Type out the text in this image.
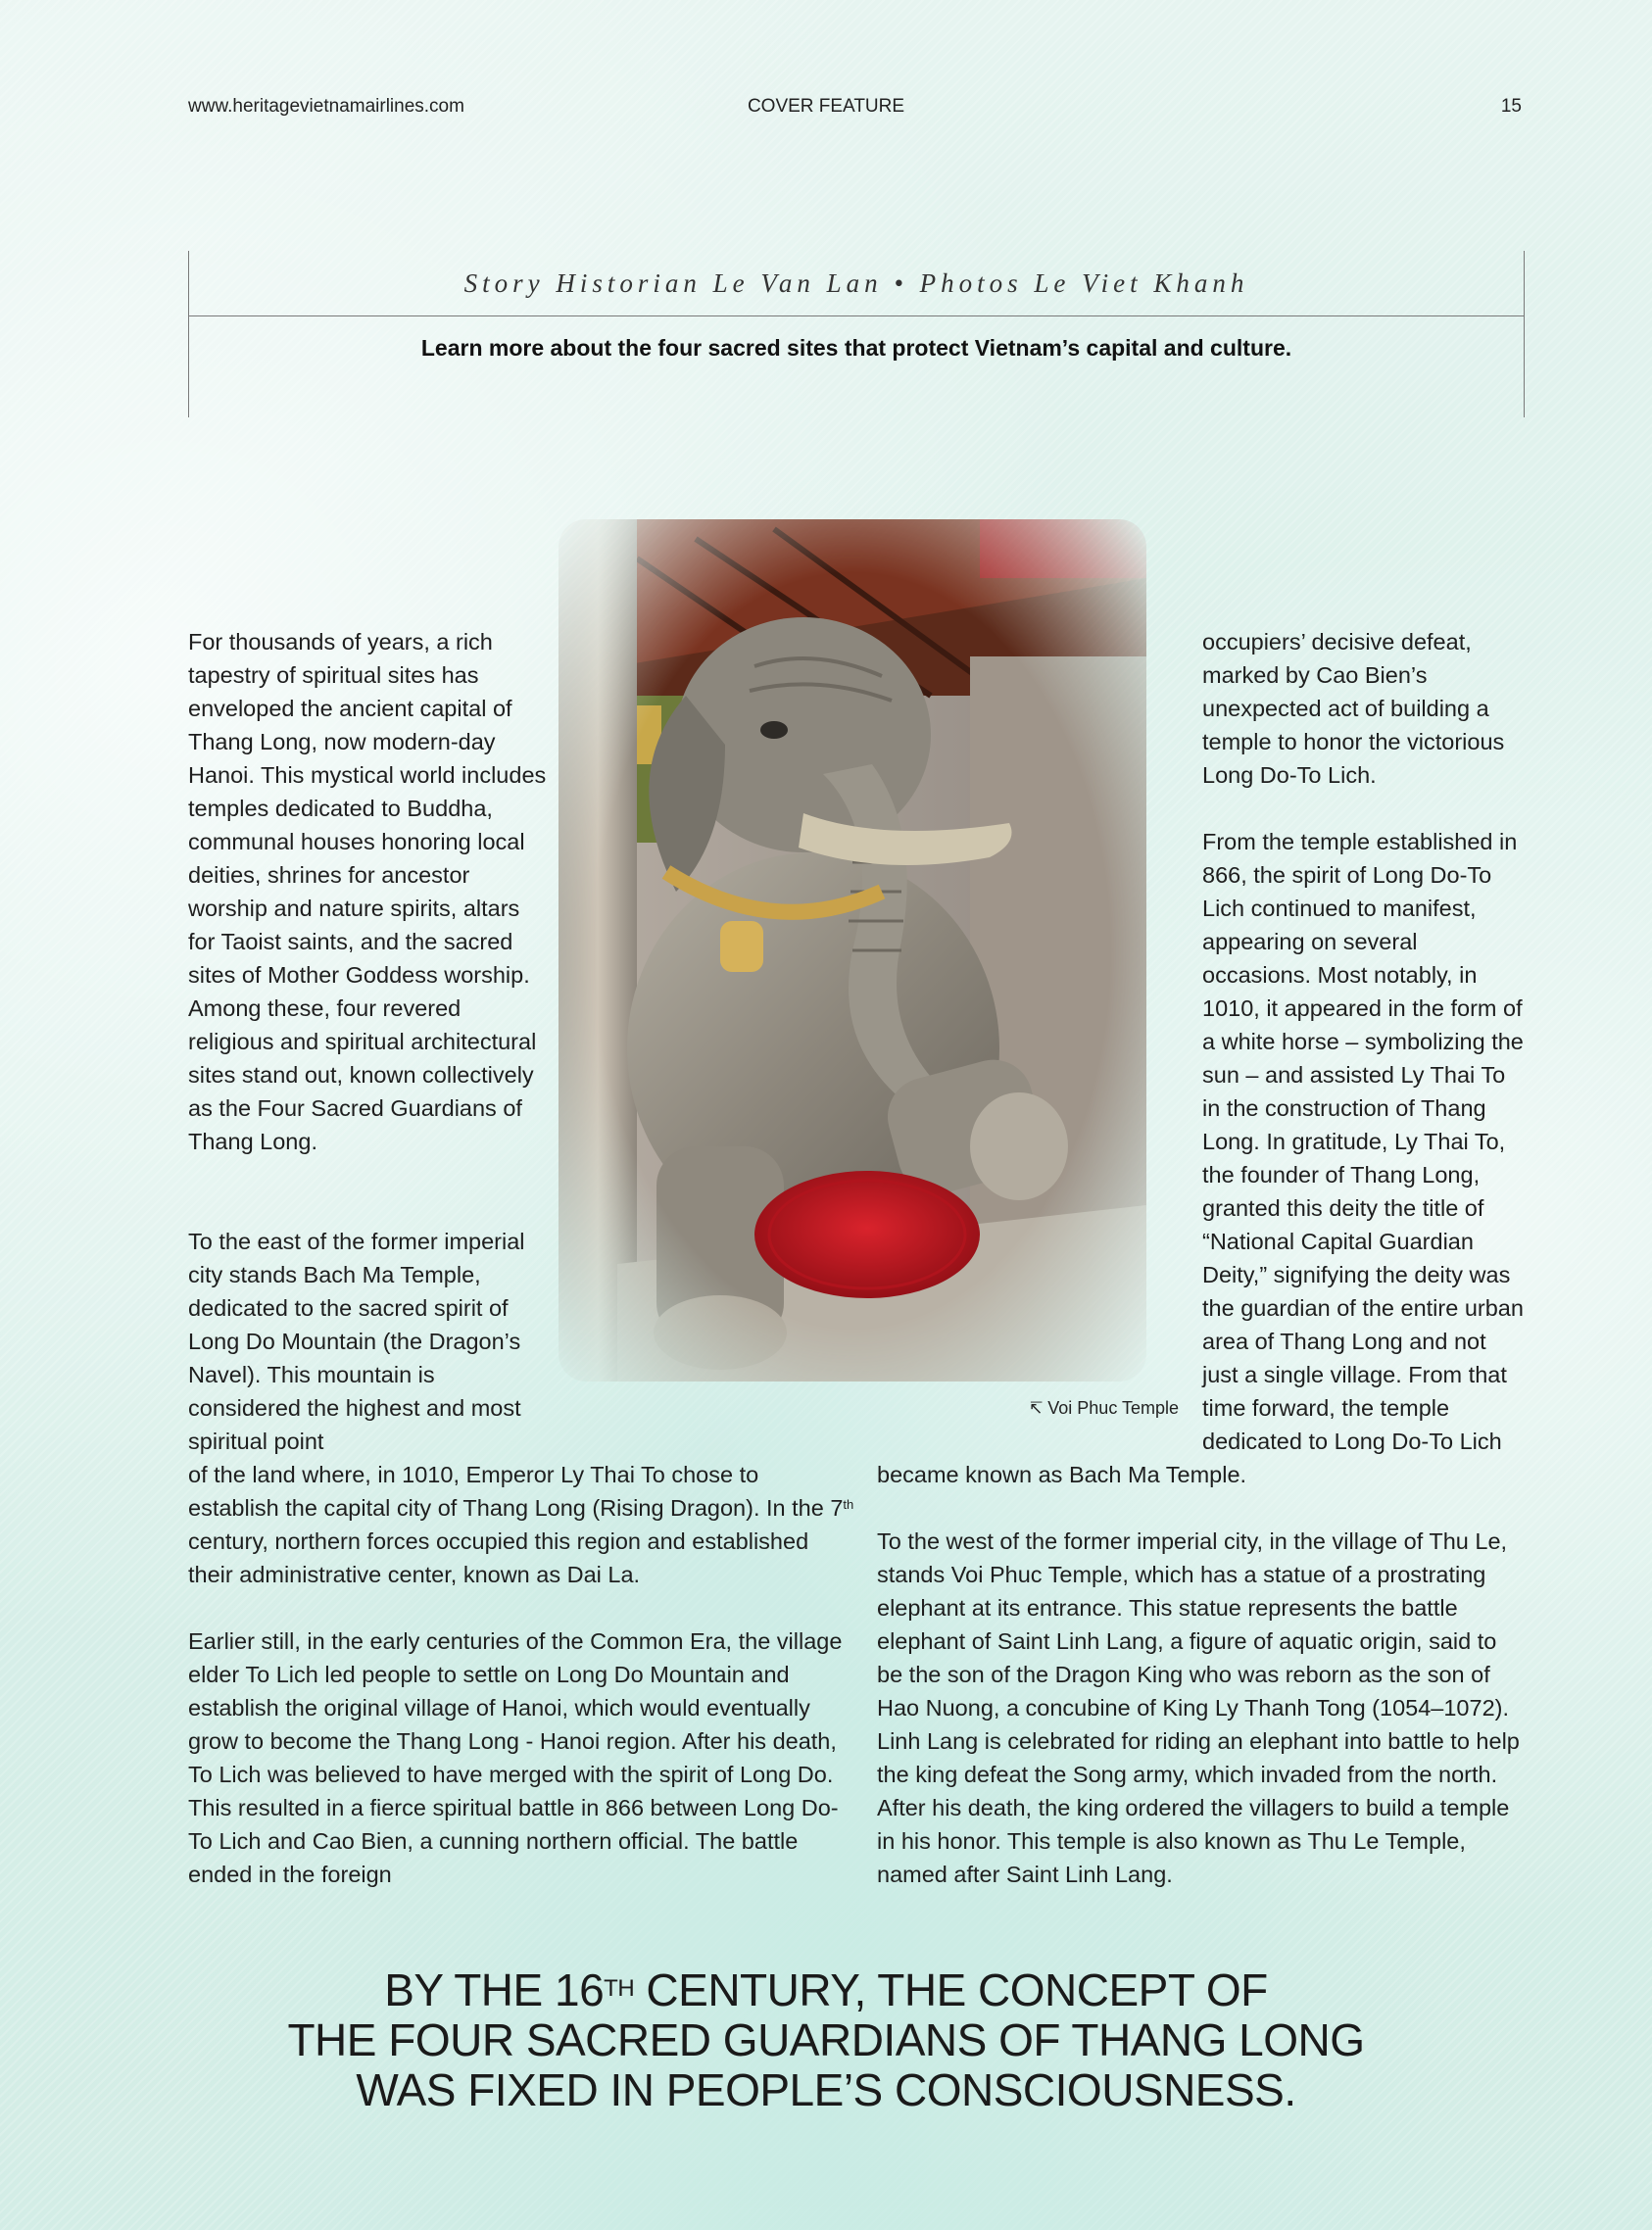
www.heritagevietnamairlines.com	COVER FEATURE	15
Story Historian Le Van Lan • Photos Le Viet Khanh
Learn more about the four sacred sites that protect Vietnam’s capital and culture.
↸ Voi Phuc Temple

For thousands of years, a rich tapestry of spiritual sites has enveloped the ancient capital of Thang Long, now modern-day Hanoi. This mystical world includes temples dedicated to Buddha, communal houses honoring local deities, shrines for ancestor worship and nature spirits, altars for Taoist saints, and the sacred sites of Mother Goddess worship. Among these, four revered religious and spiritual architectural sites stand out, known collectively as the Four Sacred Guardians of Thang Long.

To the east of the former imperial city stands Bach Ma Temple, dedicated to the sacred spirit of Long Do Mountain (the Dragon’s Navel). This mountain is considered the highest and most spiritual point

of the land where, in 1010, Emperor Ly Thai To chose to establish the capital city of Thang Long (Rising Dragon). In the 7th century, northern forces occupied this region and established their administrative center, known as Dai La.

Earlier still, in the early centuries of the Common Era, the village elder To Lich led people to settle on Long Do Mountain and establish the original village of Hanoi, which would eventually grow to become the Thang Long - Hanoi region. After his death, To Lich was believed to have merged with the spirit of Long Do. This resulted in a fierce spiritual battle in 866 between Long Do-To Lich and Cao Bien, a cunning northern official. The battle ended in the foreign

occupiers’ decisive defeat, marked by Cao Bien’s unexpected act of building a temple to honor the victorious Long Do-To Lich.

From the temple established in 866, the spirit of Long Do-To Lich continued to manifest, appearing on several occasions. Most notably, in 1010, it appeared in the form of a white horse – symbolizing the sun – and assisted Ly Thai To in the construction of Thang Long. In gratitude, Ly Thai To, the founder of Thang Long, granted this deity the title of “National Capital Guardian Deity,” signifying the deity was the guardian of the entire urban area of Thang Long and not just a single village. From that time forward, the temple dedicated to Long Do-To Lich

became known as Bach Ma Temple.

To the west of the former imperial city, in the village of Thu Le, stands Voi Phuc Temple, which has a statue of a prostrating elephant at its entrance. This statue represents the battle elephant of Saint Linh Lang, a figure of aquatic origin, said to be the son of the Dragon King who was reborn as the son of Hao Nuong, a concubine of King Ly Thanh Tong (1054–1072). Linh Lang is celebrated for riding an elephant into battle to help the king defeat the Song army, which invaded from the north. After his death, the king ordered the villagers to build a temple in his honor. This temple is also known as Thu Le Temple, named after Saint Linh Lang.

BY THE 16TH CENTURY, THE CONCEPT OF
THE FOUR SACRED GUARDIANS OF THANG LONG
WAS FIXED IN PEOPLE’S CONSCIOUSNESS.
